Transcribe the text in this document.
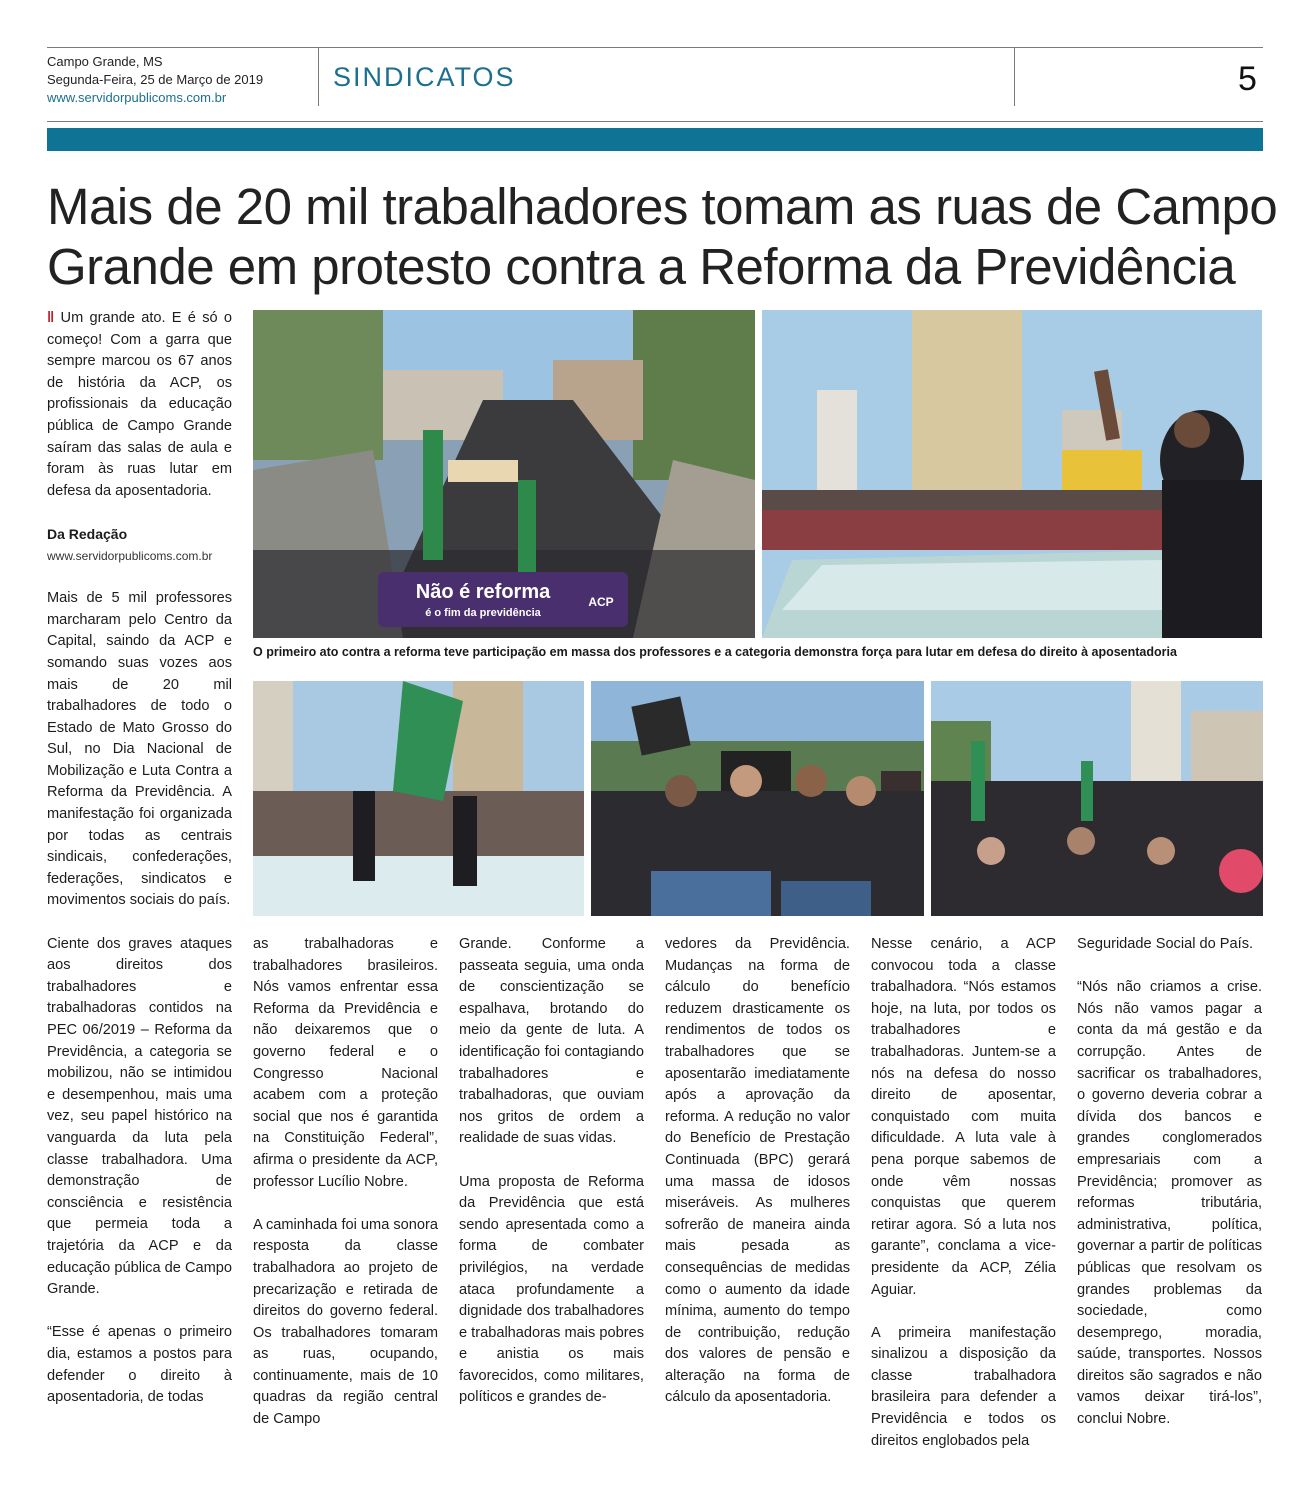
Campo Grande, MS
Segunda-Feira, 25 de Março de 2019
www.servidorpublicoms.com.br
SINDICATOS	5
Mais de 20 mil trabalhadores tomam as ruas de Campo
Grande em protesto contra a Reforma da Previdência

‖ Um grande ato. E é só o começo! Com a garra que sempre marcou os 67 anos de história da ACP, os profissionais da educação pública de Campo Grande saíram das salas de aula e foram às ruas lutar em defesa da aposentadoria.

Da Redação
www.servidorpublicoms.com.br

Mais de 5 mil professores marcharam pelo Centro da Capital, saindo da ACP e somando suas vozes aos mais de 20 mil trabalhadores de todo o Estado de Mato Grosso do Sul, no Dia Nacional de Mobilização e Luta Contra a Reforma da Previdência. A manifestação foi organizada por todas as centrais sindicais, confederações, federações, sindicatos e movimentos sociais do país.

Ciente dos graves ataques aos direitos dos trabalhadores e trabalhadoras contidos na PEC 06/2019 – Reforma da Previdência, a categoria se mobilizou, não se intimidou e desempenhou, mais uma vez, seu papel histórico na vanguarda da luta pela classe trabalhadora. Uma demonstração de consciência e resistência que permeia toda a trajetória da ACP e da educação pública de Campo Grande.

“Esse é apenas o primeiro dia, estamos a postos para defender o direito à aposentadoria, de todas

Não é reforma
é o fim da previdência
ACP
O primeiro ato contra a reforma teve participação em massa dos professores e a categoria demonstra força para lutar em defesa do direito à aposentadoria

as trabalhadoras e trabalhadores brasileiros. Nós vamos enfrentar essa Reforma da Previdência e não deixaremos que o governo federal e o Congresso Nacional acabem com a proteção social que nos é garantida na Constituição Federal”, afirma o presidente da ACP, professor Lucílio Nobre.

A caminhada foi uma sonora resposta da classe trabalhadora ao projeto de precarização e retirada de direitos do governo federal. Os trabalhadores tomaram as ruas, ocupando, continuamente, mais de 10 quadras da região central de Campo

Grande. Conforme a passeata seguia, uma onda de conscientização se espalhava, brotando do meio da gente de luta. A identificação foi contagiando trabalhadores e trabalhadoras, que ouviam nos gritos de ordem a realidade de suas vidas.

Uma proposta de Reforma da Previdência que está sendo apresentada como a forma de combater privilégios, na verdade ataca profundamente a dignidade dos trabalhadores e trabalhadoras mais pobres e anistia os mais favorecidos, como militares, políticos e grandes de-

vedores da Previdência. Mudanças na forma de cálculo do benefício reduzem drasticamente os rendimentos de todos os trabalhadores que se aposentarão imediatamente após a aprovação da reforma. A redução no valor do Benefício de Prestação Continuada (BPC) gerará uma massa de idosos miseráveis. As mulheres sofrerão de maneira ainda mais pesada as consequências de medidas como o aumento da idade mínima, aumento do tempo de contribuição, redução dos valores de pensão e alteração na forma de cálculo da aposentadoria.

Nesse cenário, a ACP convocou toda a classe trabalhadora. “Nós estamos hoje, na luta, por todos os trabalhadores e trabalhadoras. Juntem-se a nós na defesa do nosso direito de aposentar, conquistado com muita dificuldade. A luta vale à pena porque sabemos de onde vêm nossas conquistas que querem retirar agora. Só a luta nos garante”, conclama a vice-presidente da ACP, Zélia Aguiar.

A primeira manifestação sinalizou a disposição da classe trabalhadora brasileira para defender a Previdência e todos os direitos englobados pela

Seguridade Social do País.

“Nós não criamos a crise. Nós não vamos pagar a conta da má gestão e da corrupção. Antes de sacrificar os trabalhadores, o governo deveria cobrar a dívida dos bancos e grandes conglomerados empresariais com a Previdência; promover as reformas tributária, administrativa, política, governar a partir de políticas públicas que resolvam os grandes problemas da sociedade, como desemprego, moradia, saúde, transportes. Nossos direitos são sagrados e não vamos deixar tirá-los”, conclui Nobre.
